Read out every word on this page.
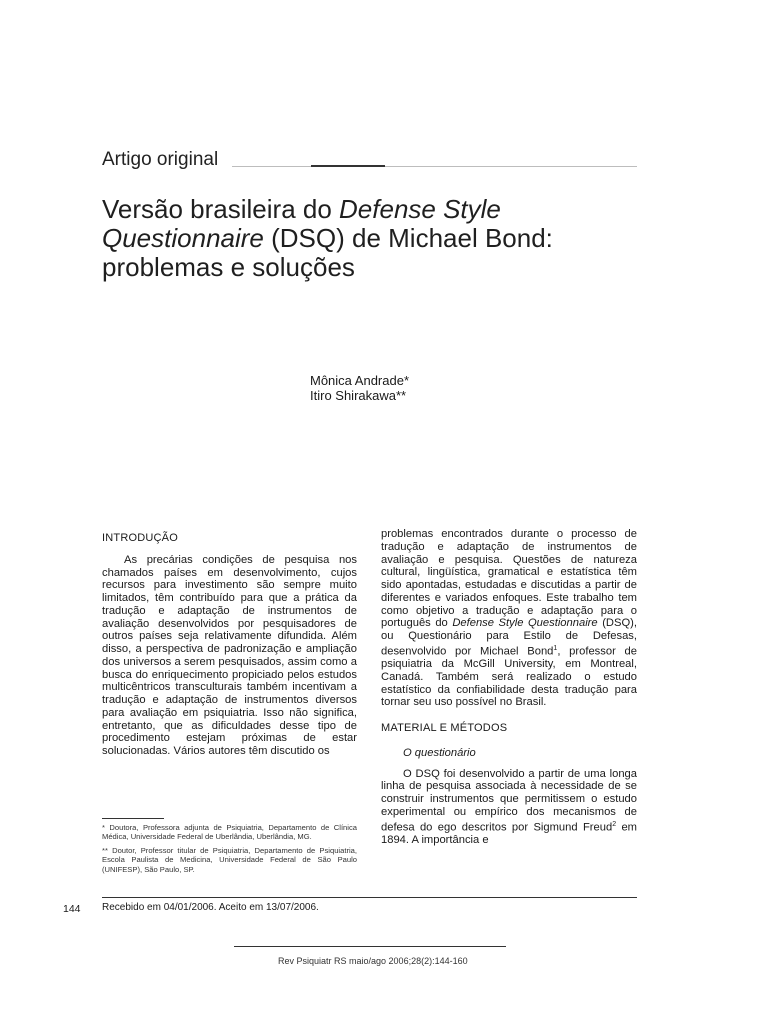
Artigo original
Versão brasileira do Defense Style Questionnaire (DSQ) de Michael Bond: problemas e soluções
Mônica Andrade*
Itiro Shirakawa**
INTRODUÇÃO

As precárias condições de pesquisa nos chamados países em desenvolvimento, cujos recursos para investimento são sempre muito limitados, têm contribuído para que a prática da tradução e adaptação de instrumentos de avaliação desenvolvidos por pesquisadores de outros países seja relativamente difundida. Além disso, a perspectiva de padronização e ampliação dos universos a serem pesquisados, assim como a busca do enriquecimento propiciado pelos estudos multicêntricos transculturais também incentivam a tradução e adaptação de instrumentos diversos para avaliação em psiquiatria. Isso não significa, entretanto, que as dificuldades desse tipo de procedimento estejam próximas de estar solucionadas. Vários autores têm discutido os

* Doutora, Professora adjunta de Psiquiatria, Departamento de Clínica Médica, Universidade Federal de Uberlândia, Uberlândia, MG.

** Doutor, Professor titular de Psiquiatria, Departamento de Psiquiatria, Escola Paulista de Medicina, Universidade Federal de São Paulo (UNIFESP), São Paulo, SP.

problemas encontrados durante o processo de tradução e adaptação de instrumentos de avaliação e pesquisa. Questões de natureza cultural, lingüística, gramatical e estatística têm sido apontadas, estudadas e discutidas a partir de diferentes e variados enfoques. Este trabalho tem como objetivo a tradução e adaptação para o português do Defense Style Questionnaire (DSQ), ou Questionário para Estilo de Defesas, desenvolvido por Michael Bond$^1$, professor de psiquiatria da McGill University, em Montreal, Canadá. Também será realizado o estudo estatístico da confiabilidade desta tradução para tornar seu uso possível no Brasil.

MATERIAL E MÉTODOS
O questionário

O DSQ foi desenvolvido a partir de uma longa linha de pesquisa associada à necessidade de se construir instrumentos que permitissem o estudo experimental ou empírico dos mecanismos de defesa do ego descritos por Sigmund Freud$^2$ em 1894. A importância e

144 Recebido em 04/01/2006. Aceito em 13/07/2006.
Rev Psiquiatr RS maio/ago 2006;28(2):144-160
